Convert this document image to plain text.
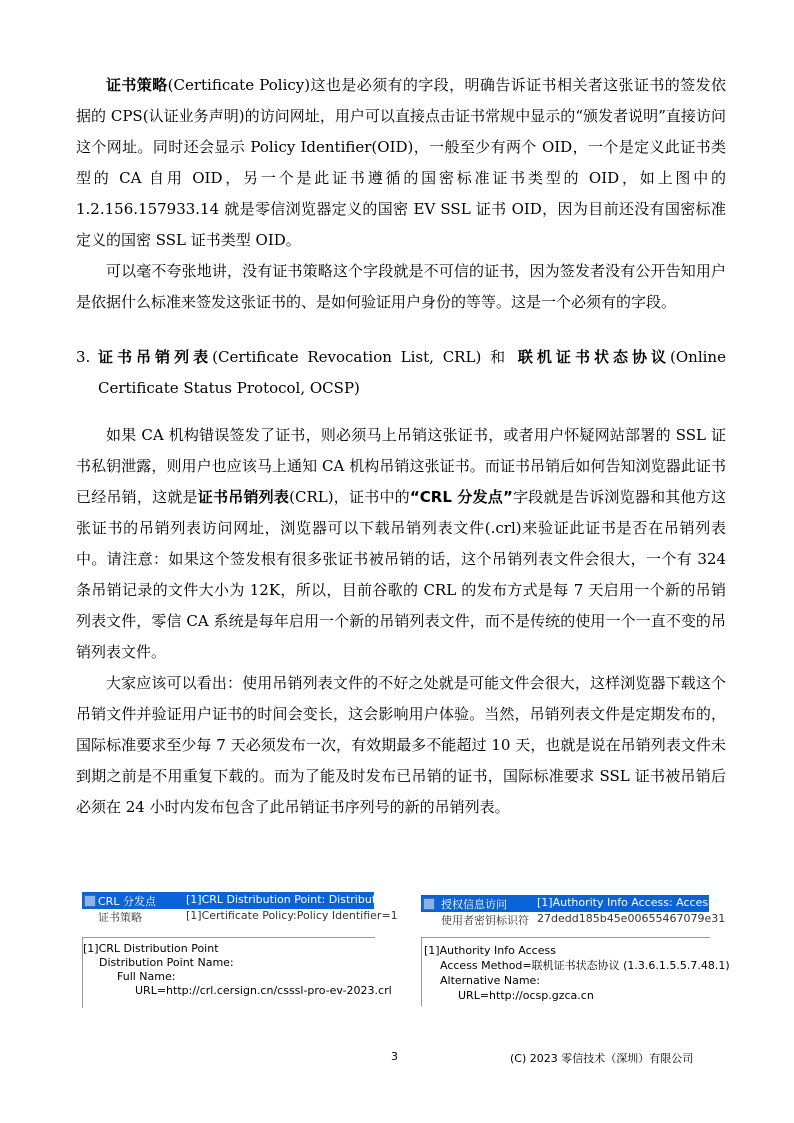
证书策略(Certificate Policy)这也是必须有的字段，明确告诉证书相关者这张证书的签发依据的 CPS(认证业务声明)的访问网址，用户可以直接点击证书常规中显示的“颁发者说明”直接访问这个网址。同时还会显示 Policy Identifier(OID)，一般至少有两个 OID，一个是定义此证书类型的 CA 自用 OID，另一个是此证书遵循的国密标准证书类型的 OID，如上图中的 1.2.156.157933.14 就是零信浏览器定义的国密 EV SSL 证书 OID，因为目前还没有国密标准定义的国密 SSL 证书类型 OID。

可以毫不夸张地讲，没有证书策略这个字段就是不可信的证书，因为签发者没有公开告知用户是依据什么标准来签发这张证书的、是如何验证用户身份的等等。这是一个必须有的字段。

3. 证书吊销列表(Certificate Revocation List, CRL) 和 联机证书状态协议(Online Certificate Status Protocol, OCSP)

如果 CA 机构错误签发了证书，则必须马上吊销这张证书，或者用户怀疑网站部署的 SSL 证书私钥泄露，则用户也应该马上通知 CA 机构吊销这张证书。而证书吊销后如何告知浏览器此证书已经吊销，这就是证书吊销列表(CRL)，证书中的“CRL 分发点”字段就是告诉浏览器和其他方这张证书的吊销列表访问网址，浏览器可以下载吊销列表文件(.crl)来验证此证书是否在吊销列表中。请注意：如果这个签发根有很多张证书被吊销的话，这个吊销列表文件会很大，一个有 324 条吊销记录的文件大小为 12K，所以，目前谷歌的 CRL 的发布方式是每 7 天启用一个新的吊销列表文件，零信 CA 系统是每年启用一个新的吊销列表文件，而不是传统的使用一个一直不变的吊销列表文件。

大家应该可以看出：使用吊销列表文件的不好之处就是可能文件会很大，这样浏览器下载这个吊销文件并验证用户证书的时间会变长，这会影响用户体验。当然，吊销列表文件是定期发布的，国际标准要求至少每 7 天必须发布一次，有效期最多不能超过 10 天，也就是说在吊销列表文件未到期之前是不用重复下载的。而为了能及时发布已吊销的证书，国际标准要求 SSL 证书被吊销后必须在 24 小时内发布包含了此吊销证书序列号的新的吊销列表。

CRL 分发点	[1]CRL Distribution Point: Distribution
证书策略	[1]Certificate Policy:Policy Identifier=1
[1]CRL Distribution Point
Distribution Point Name:
Full Name:
URL=http://crl.cersign.cn/csssl-pro-ev-2023.crl
授权信息访问	[1]Authority Info Access: Access M
使用者密钥标识符 27dedd185b45e00655467079e31
[1]Authority Info Access
Access Method=联机证书状态协议 (1.3.6.1.5.5.7.48.1)
Alternative Name:
URL=http://ocsp.gzca.cn
3	(C) 2023 零信技术（深圳）有限公司
